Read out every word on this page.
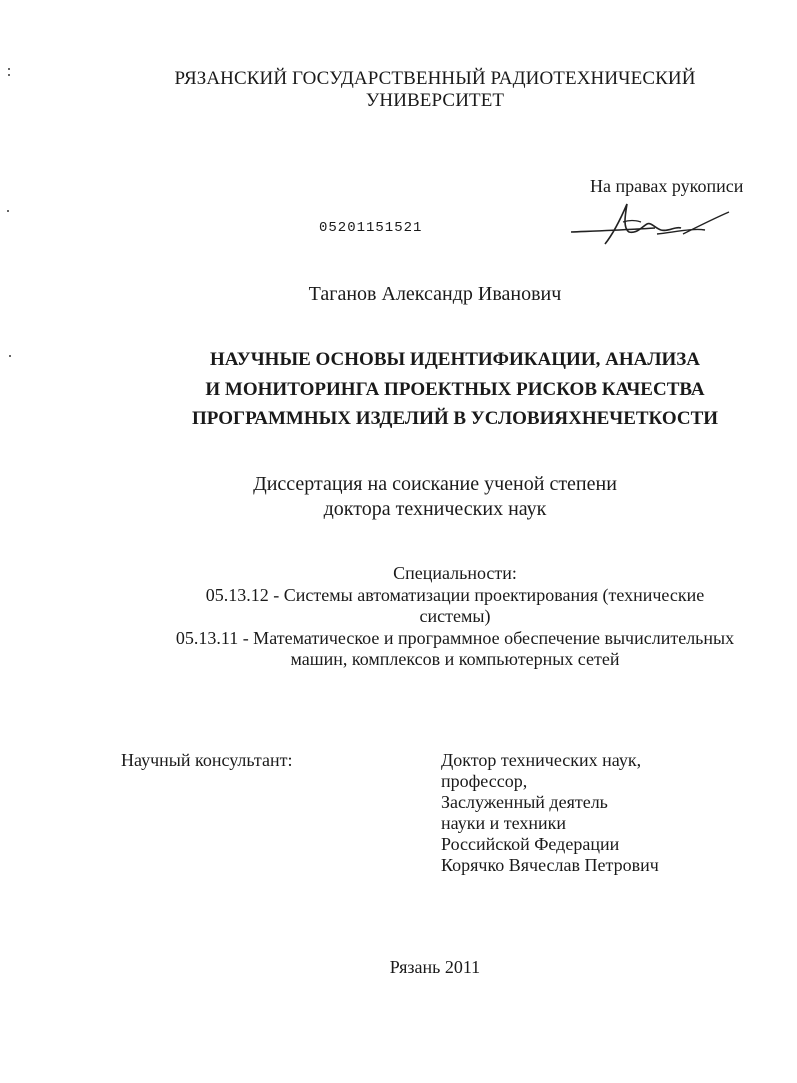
РЯЗАНСКИЙ ГОСУДАРСТВЕННЫЙ РАДИОТЕХНИЧЕСКИЙ
УНИВЕРСИТЕТ
На правах рукописи
05201151521
Таганов Александр Иванович
НАУЧНЫЕ ОСНОВЫ ИДЕНТИФИКАЦИИ, АНАЛИЗА
И МОНИТОРИНГА ПРОЕКТНЫХ РИСКОВ КАЧЕСТВА
ПРОГРАММНЫХ ИЗДЕЛИЙ В УСЛОВИЯХНЕЧЕТКОСТИ
Диссертация на соискание ученой степени
доктора технических наук

Специальности:

05.13.12 - Системы автоматизации проектирования (технические

системы)

05.13.11 - Математическое и программное обеспечение вычислительных

машин, комплексов и компьютерных сетей

Научный консультант:	Доктор технических наук,
профессор,
Заслуженный деятель
науки и техники
Российской Федерации
Корячко Вячеслав Петрович
Рязань 2011
